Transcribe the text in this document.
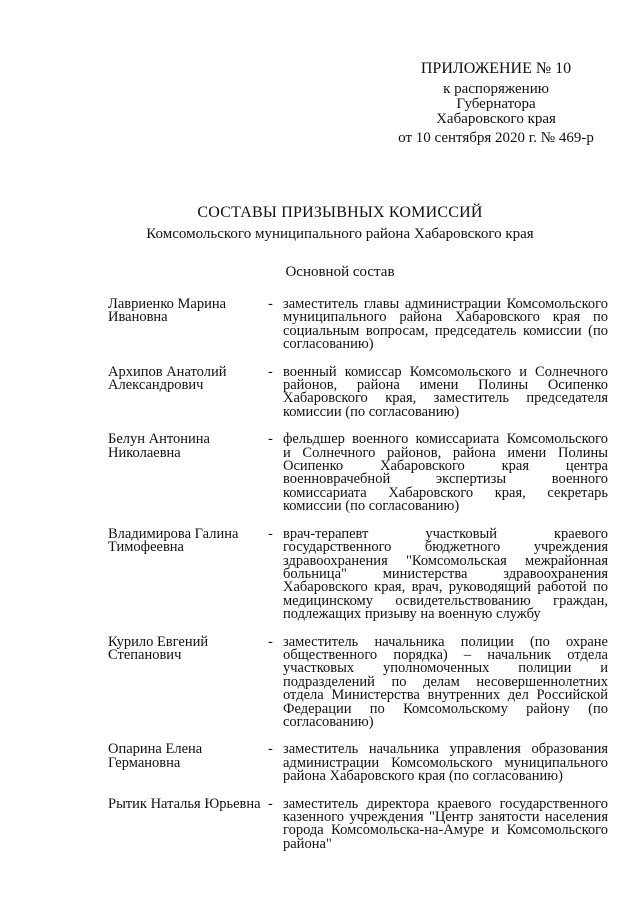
ПРИЛОЖЕНИЕ № 10
к распоряжению
Губернатора
Хабаровского края
от 10 сентября 2020 г. № 469-р
СОСТАВЫ ПРИЗЫВНЫХ КОМИССИЙ
Комсомольского муниципального района Хабаровского края
Основной состав
Лавриенко Марина Ивановна
- заместитель главы администрации Комсомольского муниципального района Хабаровского края по социальным вопросам, председатель комиссии (по согласованию)
Архипов Анатолий Александрович
- военный комиссар Комсомольского и Солнечного районов, района имени Полины Осипенко Хабаровского края, заместитель председателя комиссии (по согласованию)
Белун Антонина Николаевна
- фельдшер военного комиссариата Комсомольского и Солнечного районов, района имени Полины Осипенко Хабаровского края центра военноврачебной экспертизы военного комиссариата Хабаровского края, секретарь комиссии (по согласованию)
Владимирова Галина Тимофеевна
- врач-терапевт участковый краевого государственного бюджетного учреждения здравоохранения "Комсомольская межрайонная больница" министерства здравоохранения Хабаровского края, врач, руководящий работой по медицинскому освидетельствованию граждан, подлежащих призыву на военную службу
Курило Евгений Степанович
- заместитель начальника полиции (по охране общественного порядка) – начальник отдела участковых уполномоченных полиции и подразделений по делам несовершеннолетних отдела Министерства внутренних дел Российской Федерации по Комсомольскому району (по согласованию)
Опарина Елена Германовна
- заместитель начальника управления образования администрации Комсомольского муниципального района Хабаровского края (по согласованию)
Рытик Наталья Юрьевна - заместитель директора краевого государственного казенного учреждения "Центр занятости населения города Комсомольска-на-Амуре и Комсомольского района"
